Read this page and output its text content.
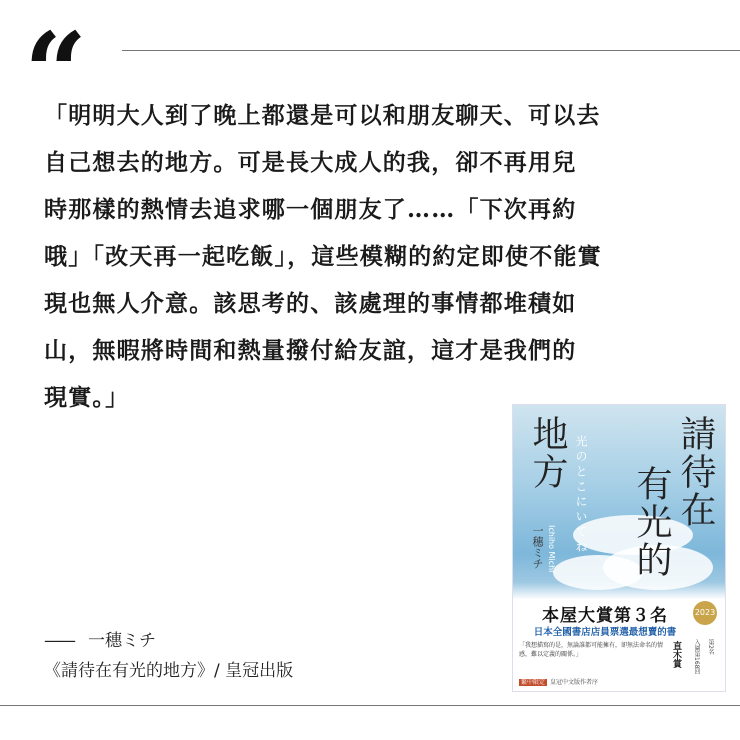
“
「明明大人到了晚上都還是可以和朋友聊天、可以去
自己想去的地方。可是長大成人的我，卻不再用兒
時那樣的熱情去追求哪一個朋友了……「下次再約
哦」「改天再一起吃飯」，這些模糊的約定即使不能實
現也無人介意。該思考的、該處理的事情都堆積如
山，無暇將時間和熱量撥付給友誼，這才是我們的
現實。」
—— 一穗ミチ
《請待在有光的地方》/ 皇冠出版
請待在
有光的
地方 光のとこにいてね
一穗ミチ Ichiho Michi
本屋大賞第３名
日本全國書店店員票選最想賣的書
2023
「我想描寫的是，無論誰都可能擁有，卻無法命名的情感，難以定義的關係。」	直木賞	入圍第168回 第2名
繁中限定 皇冠中文版作者序
